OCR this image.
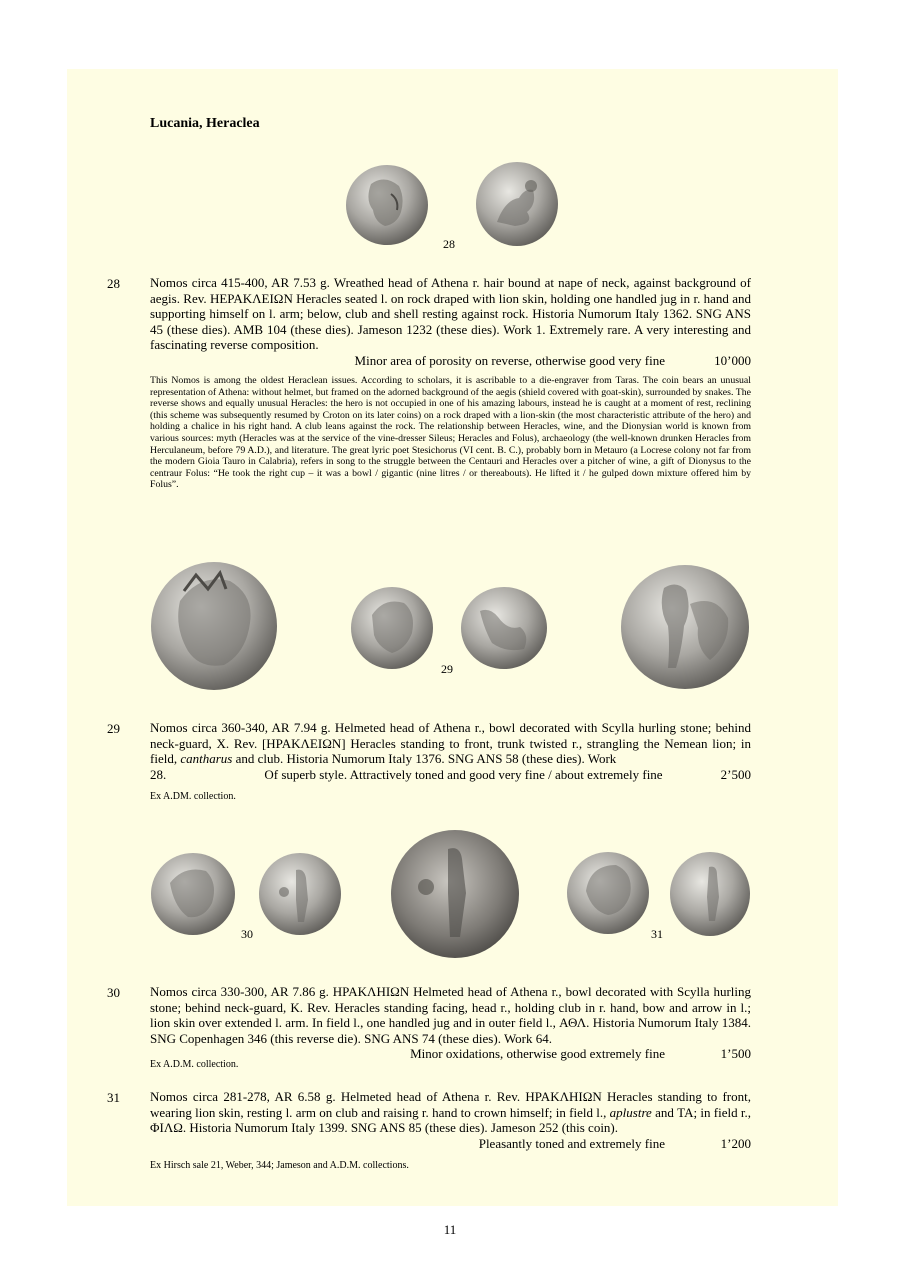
Lucania, Heraclea
28
28 Nomos circa 415-400, AR 7.53 g. Wreathed head of Athena r. hair bound at nape of neck, against background of aegis. Rev. ΗΕΡΑΚΛΕΙΩΝ Heracles seated l. on rock draped with lion skin, holding one handled jug in r. hand and supporting himself on l. arm; below, club and shell resting against rock. Historia Numorum Italy 1362. SNG ANS 45 (these dies). AMB 104 (these dies). Jameson 1232 (these dies). Work 1. Extremely rare. A very interesting and fascinating reverse composition.

Minor area of porosity on reverse, otherwise good very fine	10’000
This Nomos is among the oldest Heraclean issues. According to scholars, it is ascribable to a die-engraver from Taras. The coin bears an unusual representation of Athena: without helmet, but framed on the adorned background of the aegis (shield covered with goat-skin), surrounded by snakes. The reverse shows and equally unusual Heracles: the hero is not occupied in one of his amazing labours, instead he is caught at a moment of rest, reclining (this scheme was subsequently resumed by Croton on its later coins) on a rock draped with a lion-skin (the most characteristic attribute of the hero) and holding a chalice in his right hand. A club leans against the rock. The relationship between Heracles, wine, and the Dionysian world is known from various sources: myth (Heracles was at the service of the vine-dresser Sileus; Heracles and Folus), archaeology (the well-known drunken Heracles from Herculaneum, before 79 A.D.), and literature. The great lyric poet Stesichorus (VI cent. B. C.), probably born in Metauro (a Locrese colony not far from the modern Gioia Tauro in Calabria), refers in song to the struggle between the Centauri and Heracles over a pitcher of wine, a gift of Dionysus to the centraur Folus: “He took the right cup – it was a bowl / gigantic (nine litres / or thereabouts). He lifted it / he gulped down mixture offered him by Folus”.
29
29 Nomos circa 360-340, AR 7.94 g. Helmeted head of Athena r., bowl decorated with Scylla hurling stone; behind neck-guard, X. Rev. [ΗΡΑΚΛΕΙΩΝ] Heracles standing to front, trunk twisted r., strangling the Nemean lion; in field, cantharus and club. Historia Numorum Italy 1376. SNG ANS 58 (these dies). Work

28.	Of superb style. Attractively toned and good very fine / about extremely fine	2’500
Ex A.DM. collection.
30	31
30 Nomos circa 330-300, AR 7.86 g. ΗΡΑΚΛΗΙΩΝ Helmeted head of Athena r., bowl decorated with Scylla hurling stone; behind neck-guard, K. Rev. Heracles standing facing, head r., holding club in r. hand, bow and arrow in l.; lion skin over extended l. arm. In field l., one handled jug and in outer field l., ΑΘΛ. Historia Numorum Italy 1384. SNG Copenhagen 346 (this reverse die). SNG ANS 74 (these dies). Work 64.

Minor oxidations, otherwise good extremely fine	1’500
Ex A.D.M. collection.
31 Nomos circa 281-278, AR 6.58 g. Helmeted head of Athena r. Rev. ΗΡΑΚΛΗΙΩΝ Heracles standing to front, wearing lion skin, resting l. arm on club and raising r. hand to crown himself; in field l., aplustre and ΤΑ; in field r., ΦΙΛΩ. Historia Numorum Italy 1399. SNG ANS 85 (these dies). Jameson 252 (this coin).

Pleasantly toned and extremely fine	1’200
Ex Hirsch sale 21, Weber, 344; Jameson and A.D.M. collections.
11
